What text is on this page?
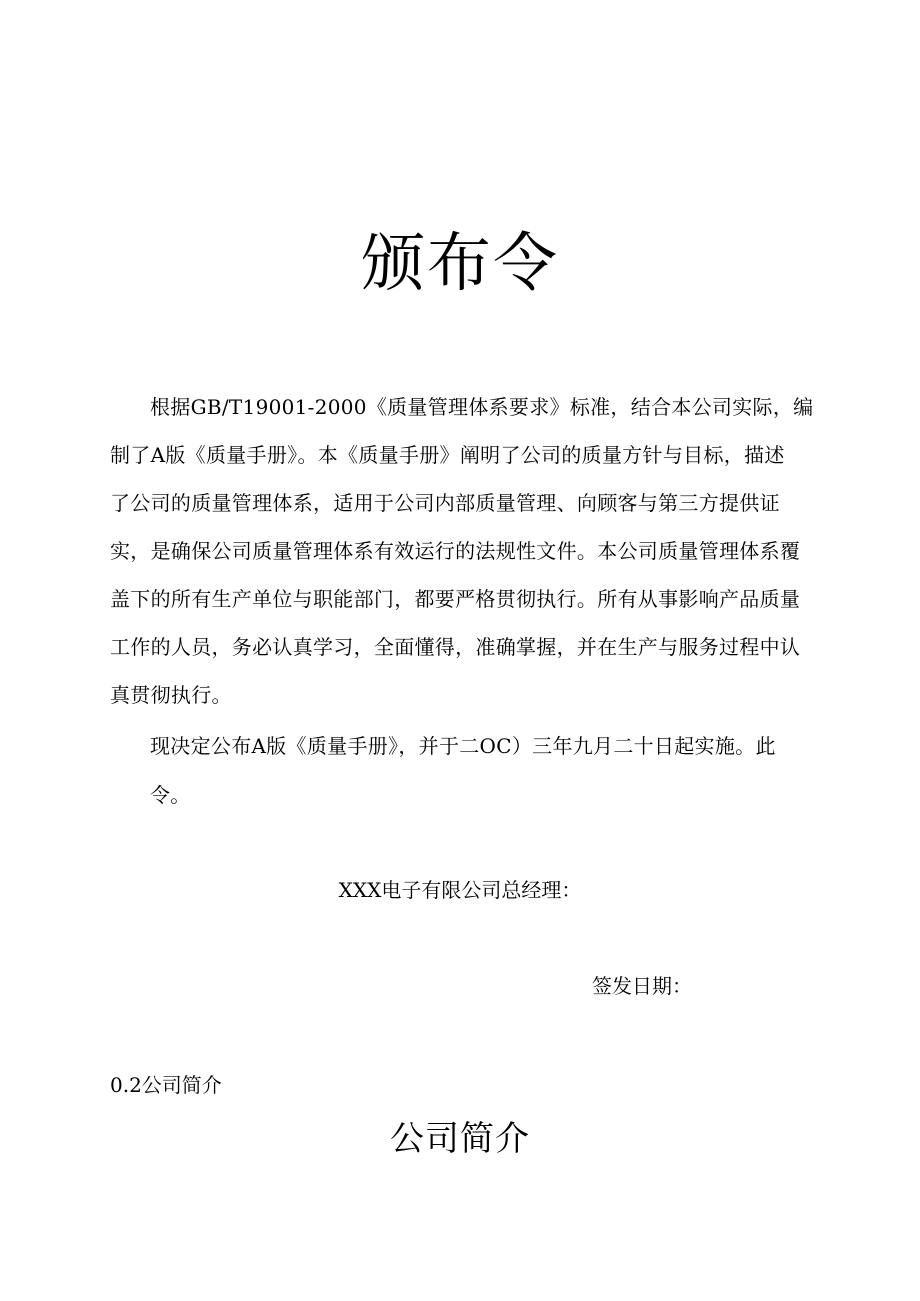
颁布令
根据GB/T19001-2000《质量管理体系要求》标准，结合本公司实际，编
制了A版《质量手册》。本《质量手册》阐明了公司的质量方针与目标，描述
了公司的质量管理体系，适用于公司内部质量管理、向顾客与第三方提供证
实，是确保公司质量管理体系有效运行的法规性文件。本公司质量管理体系覆
盖下的所有生产单位与职能部门，都要严格贯彻执行。所有从事影响产品质量
工作的人员，务必认真学习，全面懂得，准确掌握，并在生产与服务过程中认
真贯彻执行。
现决定公布A版《质量手册》，并于二OC）三年九月二十日起实施。此
令。
XXX电子有限公司总经理：
签发日期：
0.2公司简介
公司简介
